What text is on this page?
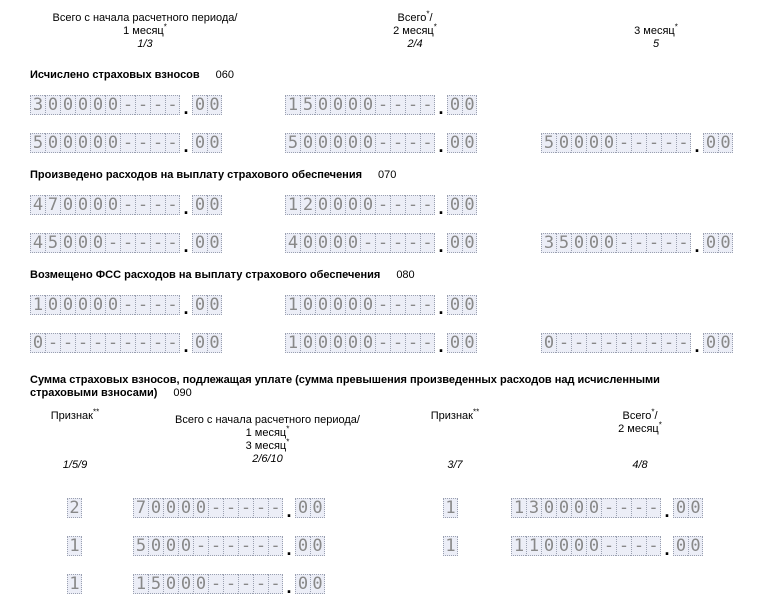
Всего с начала расчетного периода/
1 месяц*
1/3
Всего*/
2 месяц*
2/4
3 месяц*
5
Исчислено страховых взносов 060
3 0 0 0 0 0 - - - - . 0 0	1 5 0 0 0 0 - - - - . 0 0
5 0 0 0 0 0 - - - - . 0 0	5 0 0 0 0 0 - - - - . 0 0	5 0 0 0 0 - - - - - . 0 0
Произведено расходов на выплату страхового обеспечения 070
4 7 0 0 0 0 - - - - . 0 0	1 2 0 0 0 0 - - - - . 0 0
4 5 0 0 0 - - - - - . 0 0	4 0 0 0 0 - - - - - . 0 0	3 5 0 0 0 - - - - - . 0 0
Возмещено ФСС расходов на выплату страхового обеспечения 080
1 0 0 0 0 0 - - - - . 0 0	1 0 0 0 0 0 - - - - . 0 0
0 - - - - - - - - - . 0 0	1 0 0 0 0 0 - - - - . 0 0	0 - - - - - - - - - . 0 0
Сумма страховых взносов, подлежащая уплате (сумма превышения произведенных расходов над исчисленными
страховыми взносами) 090
Признак**
1/5/9
Всего с начала расчетного периода/
1 месяц*
3 месяц*
2/6/10
Признак**
3/7
Всего*/
2 месяц*
4/8
2	7 0 0 0 0 - - - - - . 0 0	1	1 3 0 0 0 0 - - - - . 0 0
1	5 0 0 0 - - - - - - . 0 0	1	1 1 0 0 0 0 - - - - . 0 0
1	1 5 0 0 0 - - - - - . 0 0
